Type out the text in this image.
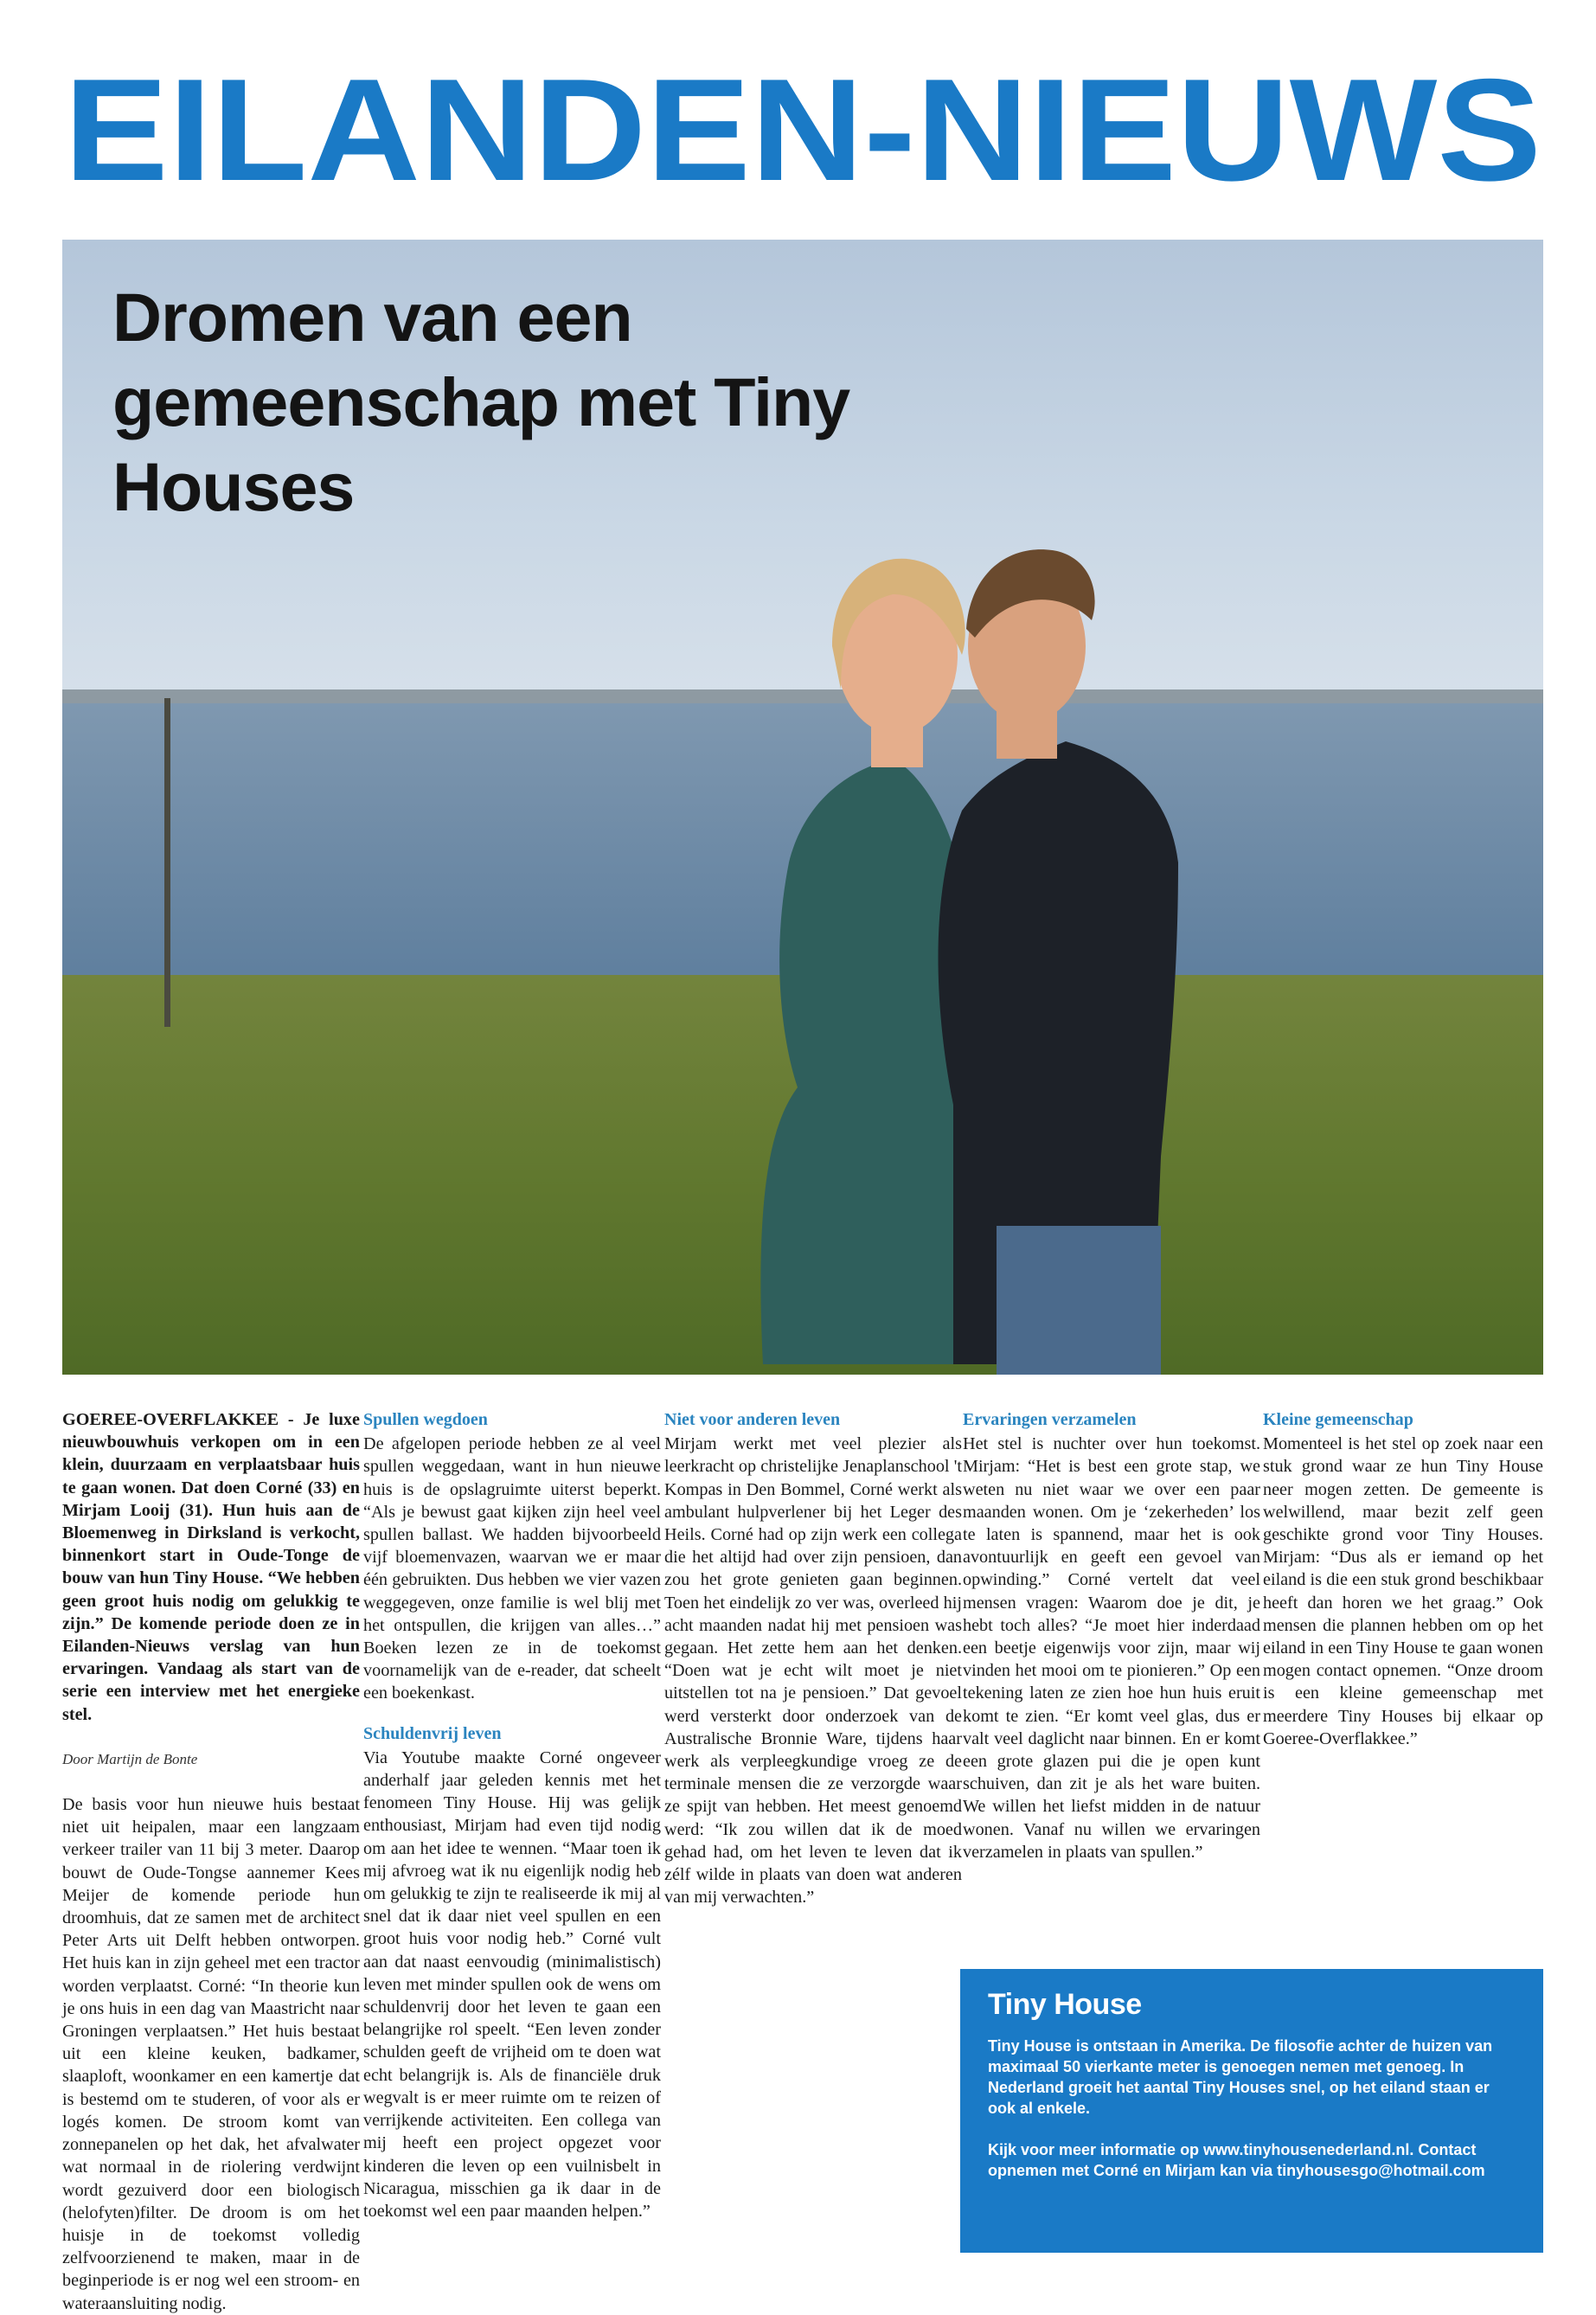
EILANDEN-NIEUWS
Dromen van een gemeenschap met Tiny Houses

GOEREE-OVERFLAKKEE - Je luxe nieuwbouwhuis verkopen om in een klein, duurzaam en verplaatsbaar huis te gaan wonen. Dat doen Corné (33) en Mirjam Looij (31). Hun huis aan de Bloemenweg in Dirksland is verkocht, binnenkort start in Oude-Tonge de bouw van hun Tiny House. “We hebben geen groot huis nodig om gelukkig te zijn.” De komende periode doen ze in Eilanden-Nieuws verslag van hun ervaringen. Vandaag als start van de serie een interview met het energieke stel.

Door Martijn de Bonte

De basis voor hun nieuwe huis bestaat niet uit heipalen, maar een langzaam verkeer trailer van 11 bij 3 meter. Daarop bouwt de Oude-Tongse aannemer Kees Meijer de komende periode hun droomhuis, dat ze samen met de architect Peter Arts uit Delft hebben ontworpen. Het huis kan in zijn geheel met een tractor worden verplaatst. Corné: “In theorie kun je ons huis in een dag van Maastricht naar Groningen verplaatsen.” Het huis bestaat uit een kleine keuken, badkamer, slaaploft, woonkamer en een kamertje dat is bestemd om te studeren, of voor als er logés komen. De stroom komt van zonnepanelen op het dak, het afvalwater wat normaal in de riolering verdwijnt wordt gezuiverd door een biologisch (helofyten)filter. De droom is om het huisje in de toekomst volledig zelfvoorzienend te maken, maar in de beginperiode is er nog wel een stroom- en wateraansluiting nodig.

Spullen wegdoen

De afgelopen periode hebben ze al veel spullen weggedaan, want in hun nieuwe huis is de opslagruimte uiterst beperkt. “Als je bewust gaat kijken zijn heel veel spullen ballast. We hadden bijvoorbeeld vijf bloemenvazen, waarvan we er maar één gebruikten. Dus hebben we vier vazen weggegeven, onze familie is wel blij met het ontspullen, die krijgen van alles…” Boeken lezen ze in de toekomst voornamelijk van de e-reader, dat scheelt een boekenkast.

Schuldenvrij leven

Via Youtube maakte Corné ongeveer anderhalf jaar geleden kennis met het fenomeen Tiny House. Hij was gelijk enthousiast, Mirjam had even tijd nodig om aan het idee te wennen. “Maar toen ik mij afvroeg wat ik nu eigenlijk nodig heb om gelukkig te zijn te realiseerde ik mij al snel dat ik daar niet veel spullen en een groot huis voor nodig heb.” Corné vult aan dat naast eenvoudig (minimalistisch) leven met minder spullen ook de wens om schuldenvrij door het leven te gaan een belangrijke rol speelt. “Een leven zonder schulden geeft de vrijheid om te doen wat echt belangrijk is. Als de financiële druk wegvalt is er meer ruimte om te reizen of verrijkende activiteiten. Een collega van mij heeft een project opgezet voor kinderen die leven op een vuilnisbelt in Nicaragua, misschien ga ik daar in de toekomst wel een paar maanden helpen.”

Niet voor anderen leven

Mirjam werkt met veel plezier als leerkracht op christelijke Jenaplanschool 't Kompas in Den Bommel, Corné werkt als ambulant hulpverlener bij het Leger des Heils. Corné had op zijn werk een collega die het altijd had over zijn pensioen, dan zou het grote genieten gaan beginnen. Toen het eindelijk zo ver was, overleed hij acht maanden nadat hij met pensioen was gegaan. Het zette hem aan het denken. “Doen wat je echt wilt moet je niet uitstellen tot na je pensioen.” Dat gevoel werd versterkt door onderzoek van de Australische Bronnie Ware, tijdens haar werk als verpleegkundige vroeg ze de terminale mensen die ze verzorgde waar ze spijt van hebben. Het meest genoemd werd: “Ik zou willen dat ik de moed gehad had, om het leven te leven dat ik zélf wilde in plaats van doen wat anderen van mij verwachten.”

Ervaringen verzamelen

Het stel is nuchter over hun toekomst. Mirjam: “Het is best een grote stap, we weten nu niet waar we over een paar maanden wonen. Om je ‘zekerheden’ los te laten is spannend, maar het is ook avontuurlijk en geeft een gevoel van opwinding.” Corné vertelt dat veel mensen vragen: Waarom doe je dit, je hebt toch alles? “Je moet hier inderdaad een beetje eigenwijs voor zijn, maar wij vinden het mooi om te pionieren.” Op een tekening laten ze zien hoe hun huis eruit komt te zien. “Er komt veel glas, dus er valt veel daglicht naar binnen. En er komt een grote glazen pui die je open kunt schuiven, dan zit je als het ware buiten. We willen het liefst midden in de natuur wonen. Vanaf nu willen we ervaringen verzamelen in plaats van spullen.”

Kleine gemeenschap

Momenteel is het stel op zoek naar een stuk grond waar ze hun Tiny House neer mogen zetten. De gemeente is welwillend, maar bezit zelf geen geschikte grond voor Tiny Houses. Mirjam: “Dus als er iemand op het eiland is die een stuk grond beschikbaar heeft dan horen we het graag.” Ook mensen die plannen hebben om op het eiland in een Tiny House te gaan wonen mogen contact opnemen. “Onze droom is een kleine gemeenschap met meerdere Tiny Houses bij elkaar op Goeree-Overflakkee.”

Tiny House

Tiny House is ontstaan in Amerika. De filosofie achter de huizen van maximaal 50 vierkante meter is genoegen nemen met genoeg. In Nederland groeit het aantal Tiny Houses snel, op het eiland staan er ook al enkele.

Kijk voor meer informatie op www.tinyhousenederland.nl. Contact opnemen met Corné en Mirjam kan via tinyhousesgo@hotmail.com
